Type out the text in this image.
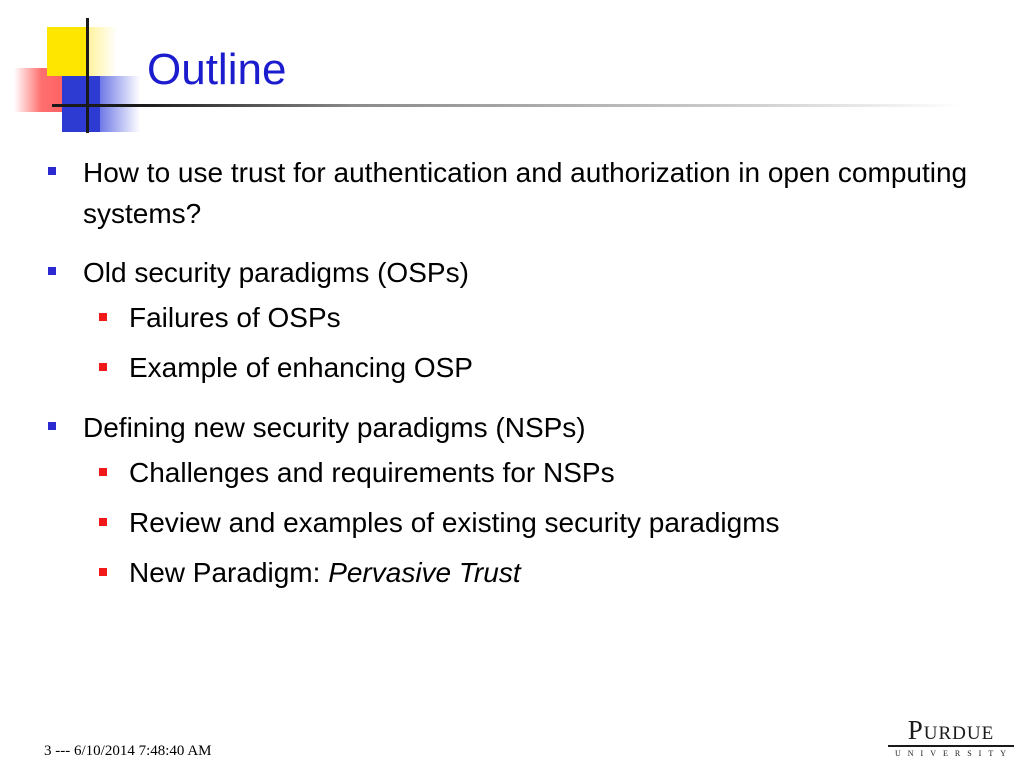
Outline
How to use trust for authentication and authorization in open computing systems?
Old security paradigms (OSPs)
Failures of OSPs
Example of enhancing OSP
Defining new security paradigms (NSPs)
Challenges and requirements for NSPs
Review and examples of existing security paradigms
New Paradigm: Pervasive Trust
3 --- 6/10/2014 7:48:40 AM
Purdue
UNIVERSITY
